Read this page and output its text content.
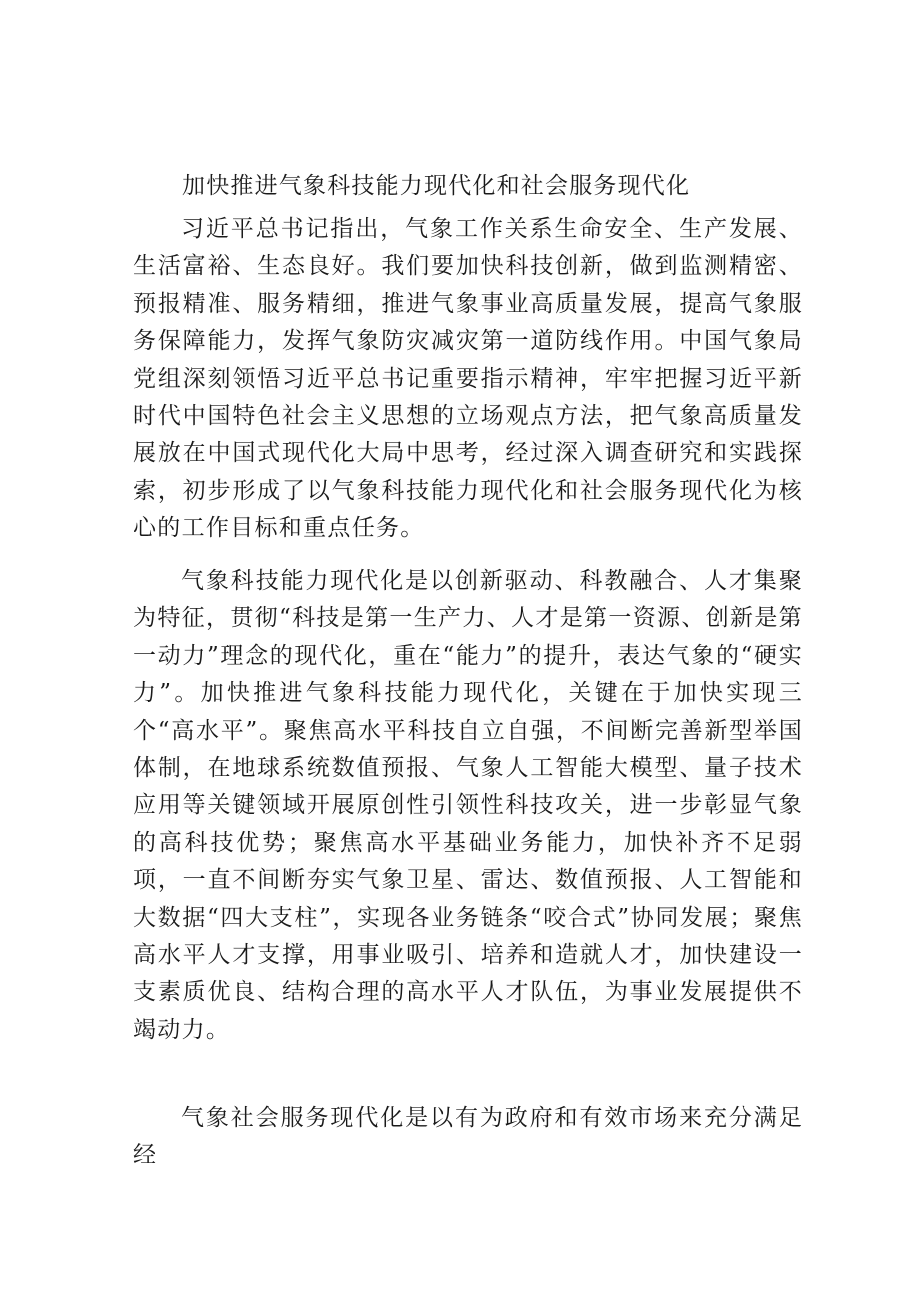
加快推进气象科技能力现代化和社会服务现代化

习近平总书记指出，气象工作关系生命安全、生产发展、生活富裕、生态良好。我们要加快科技创新，做到监测精密、预报精准、服务精细，推进气象事业高质量发展，提高气象服务保障能力，发挥气象防灾减灾第一道防线作用。中国气象局党组深刻领悟习近平总书记重要指示精神，牢牢把握习近平新时代中国特色社会主义思想的立场观点方法，把气象高质量发展放在中国式现代化大局中思考，经过深入调查研究和实践探索，初步形成了以气象科技能力现代化和社会服务现代化为核心的工作目标和重点任务。

气象科技能力现代化是以创新驱动、科教融合、人才集聚为特征，贯彻“科技是第一生产力、人才是第一资源、创新是第一动力”理念的现代化，重在“能力”的提升，表达气象的“硬实力”。加快推进气象科技能力现代化，关键在于加快实现三个“高水平”。聚焦高水平科技自立自强，不间断完善新型举国体制，在地球系统数值预报、气象人工智能大模型、量子技术应用等关键领域开展原创性引领性科技攻关，进一步彰显气象的高科技优势；聚焦高水平基础业务能力，加快补齐不足弱项，一直不间断夯实气象卫星、雷达、数值预报、人工智能和大数据“四大支柱”，实现各业务链条“咬合式”协同发展；聚焦高水平人才支撑，用事业吸引、培养和造就人才，加快建设一支素质优良、结构合理的高水平人才队伍，为事业发展提供不竭动力。

气象社会服务现代化是以有为政府和有效市场来充分满足经
